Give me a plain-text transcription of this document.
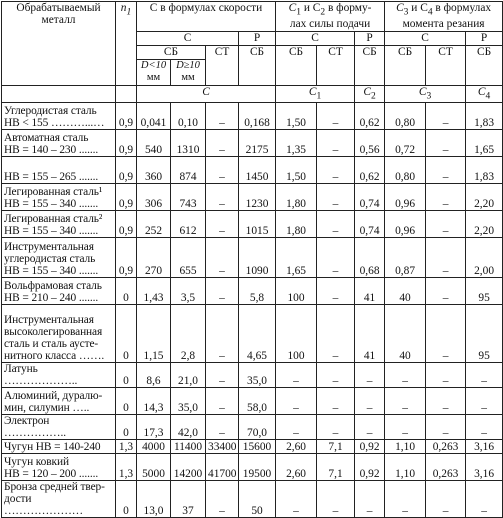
Обрабатываемый
металл	$n_1$	C в формулах скорости				$C_1$ и $C_2$ в форму-
лах силы подачи			$C_3$ и $C_4$ в формулах
момента резания		

		C			P	C		P	C		P
		СБ		СТ	СБ	СБ	СТ	СБ	СБ	СТ	СБ

		D<10
мм	D≥10
мм								

		C				$C_1$		$C_2$	$C_3$		$C_4$

Углеродистая сталь
HB < 155 ………...…	0,9	0,041	0,10	–	0,168	1,50	–	0,62	0,80	–	1,83

Автоматная сталь
HB = 140 – 230 .......	0,9	540	1310	–	2175	1,35	–	0,56	0,72	–	1,65

HB = 155 – 265 .......	0,9	360	874	–	1450	1,50	–	0,62	0,80	–	1,83

Легированная сталь¹
HB = 155 – 340 .......	0,9	306	743	–	1230	1,80	–	0,74	0,96	–	2,20

Легированная сталь²
HB = 155 – 340 .......	0,9	252	612	–	1015	1,80	–	0,74	0,96	–	2,20

Инструментальная
углеродистая сталь
HB = 155 – 340 .......	0,9	270	655	–	1090	1,65	–	0,68	0,87	–	2,00

Вольфрамовая сталь
HB = 210 – 240 .......	0	1,43	3,5	–	5,8	100	–	41	40	–	95

Инструментальная
высоколегированная
сталь и сталь аусте-
нитного класса …….	0	1,15	2,8	–	4,65	100	–	41	40	–	95

Латунь ………………..	0	8,6	21,0	–	35,0	–	–	–	–	–	–

Алюминий, дуралю-
мин, силумин …..	0	14,3	35,0	–	58,0	–	–	–	–	–	–

Электрон ……………..	0	17,3	42,0	–	70,0	–	–	–	–	–	–

Чугун HB = 140-240	1,3	4000	11400	33400	15600	2,60	7,1	0,92	1,10	0,263	3,16

Чугун ковкий
HB = 120 – 200 .......	1,3	5000	14200	41700	19500	2,60	7,1	0,92	1,10	0,263	3,16

Бронза средней твер-
дости …………………	0	13,0	37	–	50	–	–	–	–	–	–
